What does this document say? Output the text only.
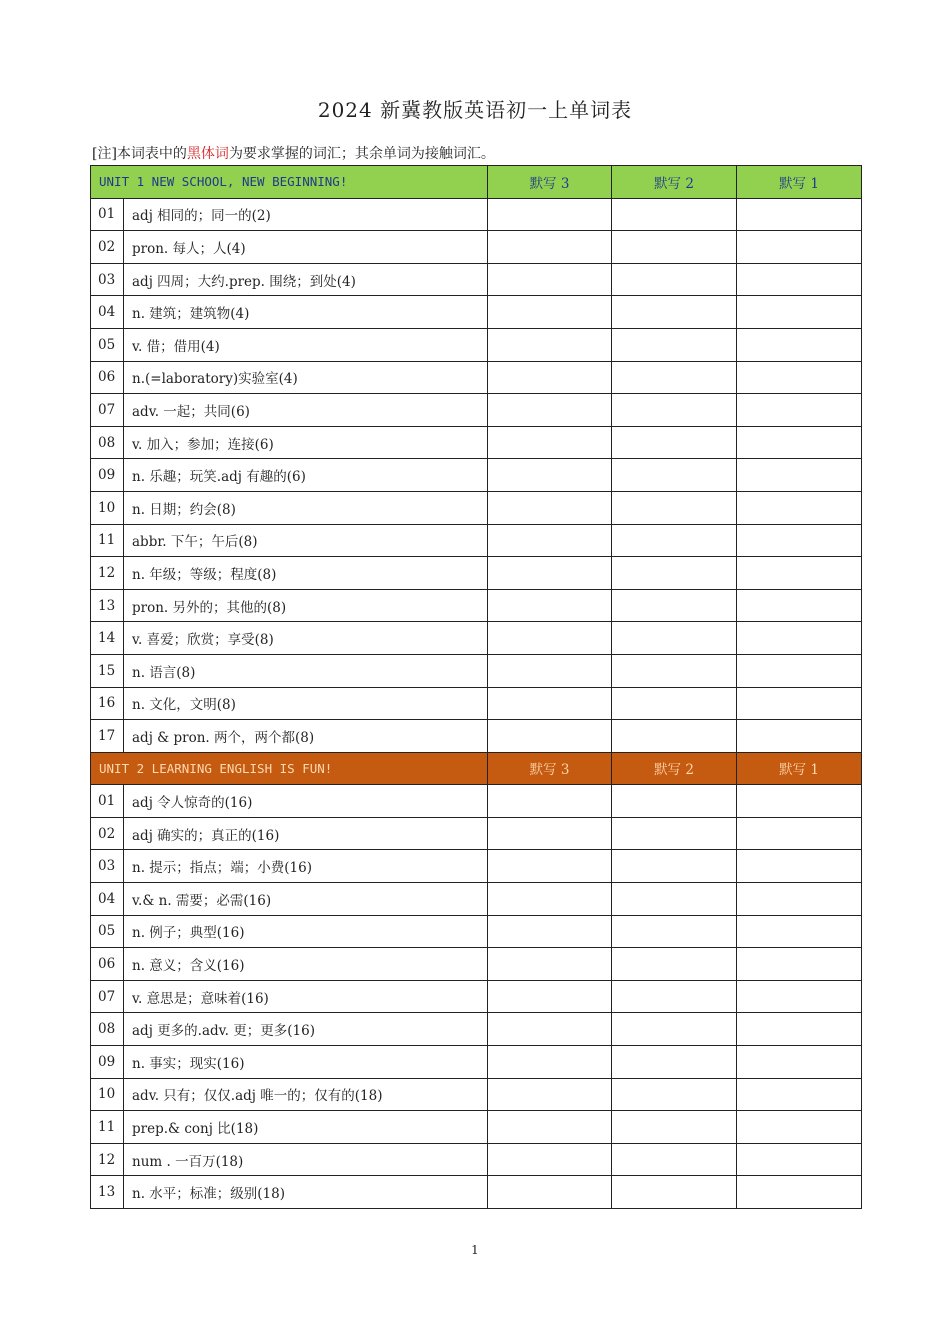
2024 新冀教版英语初一上单词表
[注]本词表中的黑体词为要求掌握的词汇；其余单词为接触词汇。
UNIT 1 NEW SCHOOL, NEW BEGINNING!		默写 3	默写 2	默写 1
01	adj 相同的；同一的(2)			
02	pron. 每人；人(4)			
03	adj 四周；大约.prep. 围绕；到处(4)			
04	n. 建筑；建筑物(4)			
05	v. 借；借用(4)			
06	n.(=laboratory)实验室(4)			
07	adv. 一起；共同(6)			
08	v. 加入；参加；连接(6)			
09	n. 乐趣；玩笑.adj 有趣的(6)			
10	n. 日期；约会(8)			
11	abbr. 下午；午后(8)			
12	n. 年级；等级；程度(8)			
13	pron. 另外的；其他的(8)			
14	v. 喜爱；欣赏；享受(8)			
15	n. 语言(8)			
16	n. 文化，文明(8)			
17	adj & pron. 两个，两个都(8)			
UNIT 2 LEARNING ENGLISH IS FUN!		默写 3	默写 2	默写 1
01	adj 令人惊奇的(16)			
02	adj 确实的；真正的(16)			
03	n. 提示；指点；端；小费(16)			
04	v.& n. 需要；必需(16)			
05	n. 例子；典型(16)			
06	n. 意义；含义(16)			
07	v. 意思是；意味着(16)			
08	adj 更多的.adv. 更；更多(16)			
09	n. 事实；现实(16)			
10	adv. 只有；仅仅.adj 唯一的；仅有的(18)			
11	prep.& conj 比(18)			
12	num . 一百万(18)			
13	n. 水平；标准；级别(18)			
1
